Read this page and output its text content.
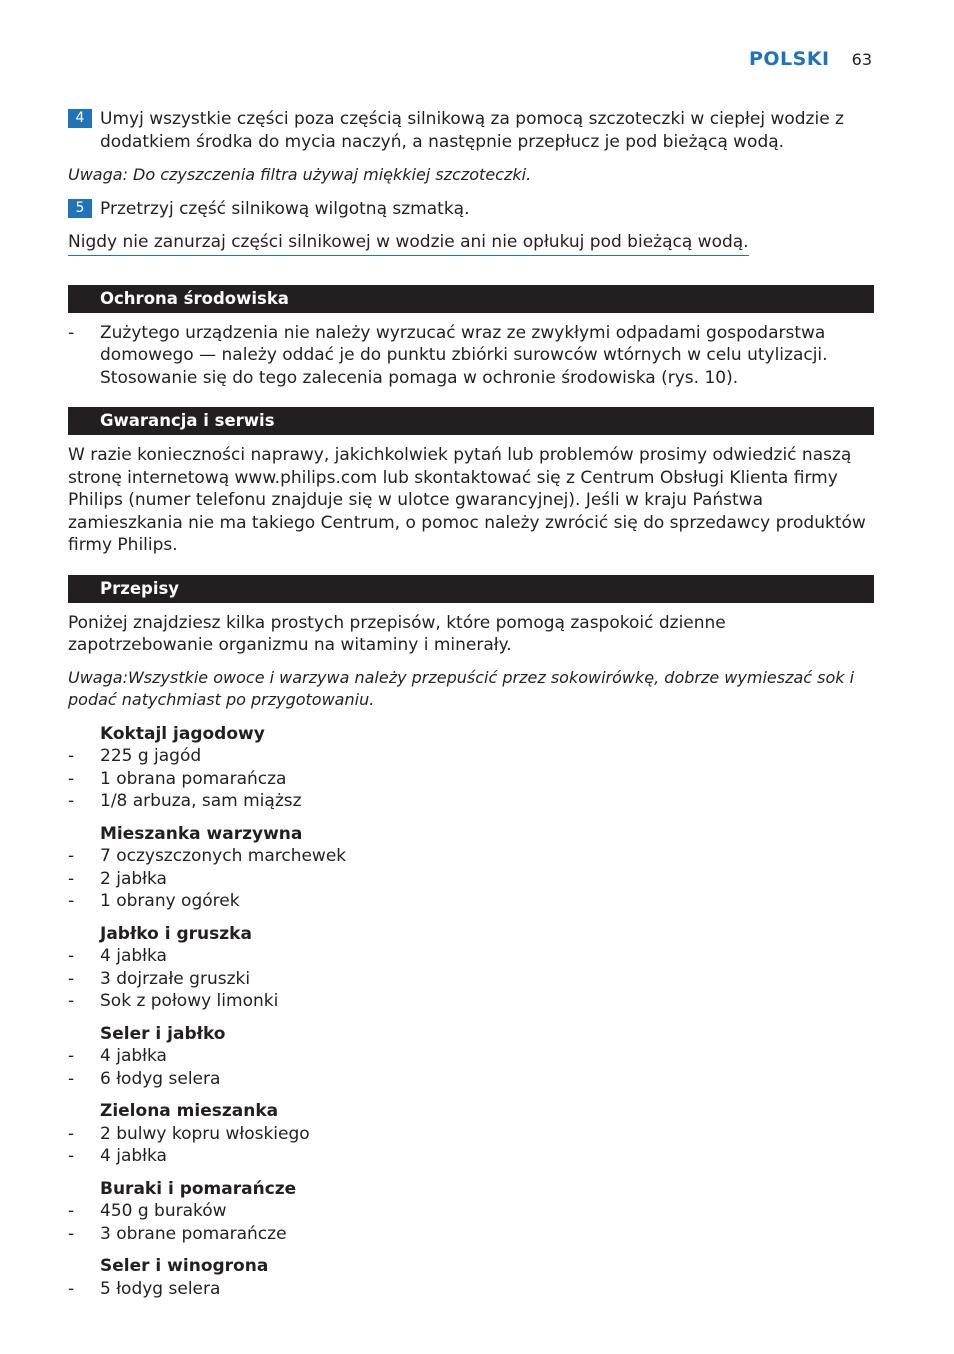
POLSKI 63
4 Umyj wszystkie części poza częścią silnikową za pomocą szczoteczki w ciepłej wodzie z dodatkiem środka do mycia naczyń, a następnie przepłucz je pod bieżącą wodą.
Uwaga: Do czyszczenia filtra używaj miękkiej szczoteczki.
5 Przetrzyj część silnikową wilgotną szmatką.
Nigdy nie zanurzaj części silnikowej w wodzie ani nie opłukuj pod bieżącą wodą.
Ochrona środowiska
-	Zużytego urządzenia nie należy wyrzucać wraz ze zwykłymi odpadami gospodarstwa domowego — należy oddać je do punktu zbiórki surowców wtórnych w celu utylizacji. Stosowanie się do tego zalecenia pomaga w ochronie środowiska (rys. 10).
Gwarancja i serwis
W razie konieczności naprawy, jakichkolwiek pytań lub problemów prosimy odwiedzić naszą stronę internetową www.philips.com lub skontaktować się z Centrum Obsługi Klienta firmy Philips (numer telefonu znajduje się w ulotce gwarancyjnej). Jeśli w kraju Państwa zamieszkania nie ma takiego Centrum, o pomoc należy zwrócić się do sprzedawcy produktów firmy Philips.
Przepisy
Poniżej znajdziesz kilka prostych przepisów, które pomogą zaspokoić dzienne zapotrzebowanie organizmu na witaminy i minerały.
Uwaga:Wszystkie owoce i warzywa należy przepuścić przez sokowirówkę, dobrze wymieszać sok i podać natychmiast po przygotowaniu.
Koktajl jagodowy
-	225 g jagód
-	1 obrana pomarańcza
-	1/8 arbuza, sam miąższ
Mieszanka warzywna
-	7 oczyszczonych marchewek
-	2 jabłka
-	1 obrany ogórek
Jabłko i gruszka
-	4 jabłka
-	3 dojrzałe gruszki
-	Sok z połowy limonki
Seler i jabłko
-	4 jabłka
-	6 łodyg selera
Zielona mieszanka
-	2 bulwy kopru włoskiego
-	4 jabłka
Buraki i pomarańcze
-	450 g buraków
-	3 obrane pomarańcze
Seler i winogrona
-	5 łodyg selera
